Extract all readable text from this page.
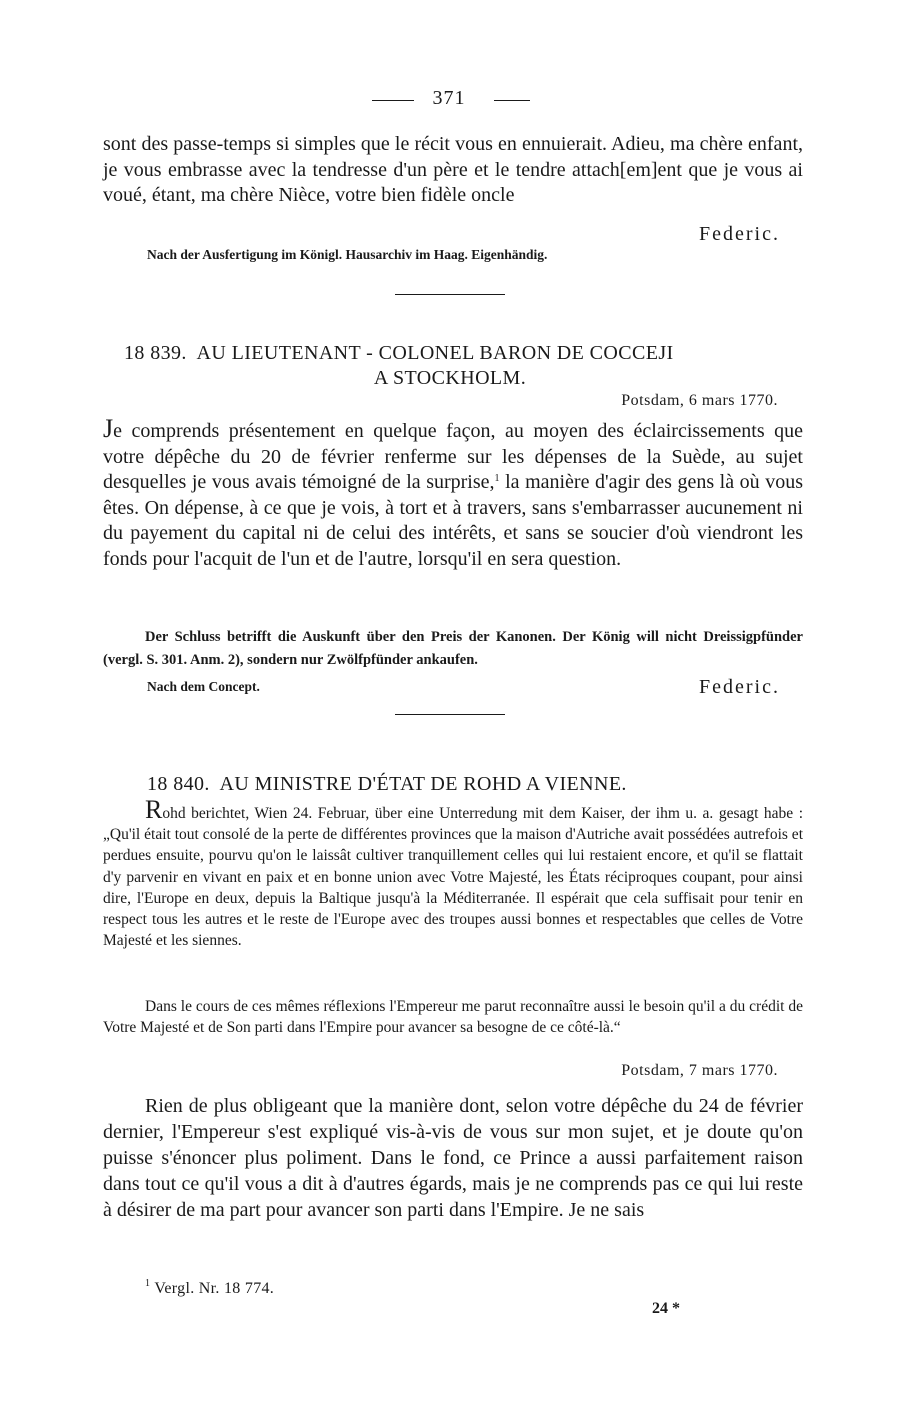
371

sont des passe-temps si simples que le récit vous en ennuierait. Adieu, ma chère enfant, je vous embrasse avec la tendresse d'un père et le tendre attach[em]ent que je vous ai voué, étant, ma chère Nièce, votre bien fidèle oncle

Federic.
Nach der Ausfertigung im Königl. Hausarchiv im Haag. Eigenhändig.
18 839. AU LIEUTENANT - COLONEL BARON DE COCCEJI
A STOCKHOLM.
Potsdam, 6 mars 1770.

Je comprends présentement en quelque façon, au moyen des éclaircissements que votre dépêche du 20 de février renferme sur les dépenses de la Suède, au sujet desquelles je vous avais témoigné de la surprise,$^1$ la manière d'agir des gens là où vous êtes. On dépense, à ce que je vois, à tort et à travers, sans s'embarrasser aucunement ni du payement du capital ni de celui des intérêts, et sans se soucier d'où viendront les fonds pour l'acquit de l'un et de l'autre, lorsqu'il en sera question.

Der Schluss betrifft die Auskunft über den Preis der Kanonen. Der König will nicht Dreissigpfünder (vergl. S. 301. Anm. 2), sondern nur Zwölfpfünder ankaufen.

Nach dem Concept.	Federic.
18 840. AU MINISTRE D'ÉTAT DE ROHD A VIENNE.

Rohd berichtet, Wien 24. Februar, über eine Unterredung mit dem Kaiser, der ihm u. a. gesagt habe : „Qu'il était tout consolé de la perte de différentes provinces que la maison d'Autriche avait possédées autrefois et perdues ensuite, pourvu qu'on le laissât cultiver tranquillement celles qui lui restaient encore, et qu'il se flattait d'y parvenir en vivant en paix et en bonne union avec Votre Majesté, les États réciproques coupant, pour ainsi dire, l'Europe en deux, depuis la Baltique jusqu'à la Méditerranée. Il espérait que cela suffisait pour tenir en respect tous les autres et le reste de l'Europe avec des troupes aussi bonnes et respectables que celles de Votre Majesté et les siennes.

Dans le cours de ces mêmes réflexions l'Empereur me parut reconnaître aussi le besoin qu'il a du crédit de Votre Majesté et de Son parti dans l'Empire pour avancer sa besogne de ce côté-là.“

Potsdam, 7 mars 1770.

Rien de plus obligeant que la manière dont, selon votre dépêche du 24 de février dernier, l'Empereur s'est expliqué vis-à-vis de vous sur mon sujet, et je doute qu'on puisse s'énoncer plus poliment. Dans le fond, ce Prince a aussi parfaitement raison dans tout ce qu'il vous a dit à d'autres égards, mais je ne comprends pas ce qui lui reste à désirer de ma part pour avancer son parti dans l'Empire. Je ne sais

$^1$ Vergl. Nr. 18 774.
24 *
